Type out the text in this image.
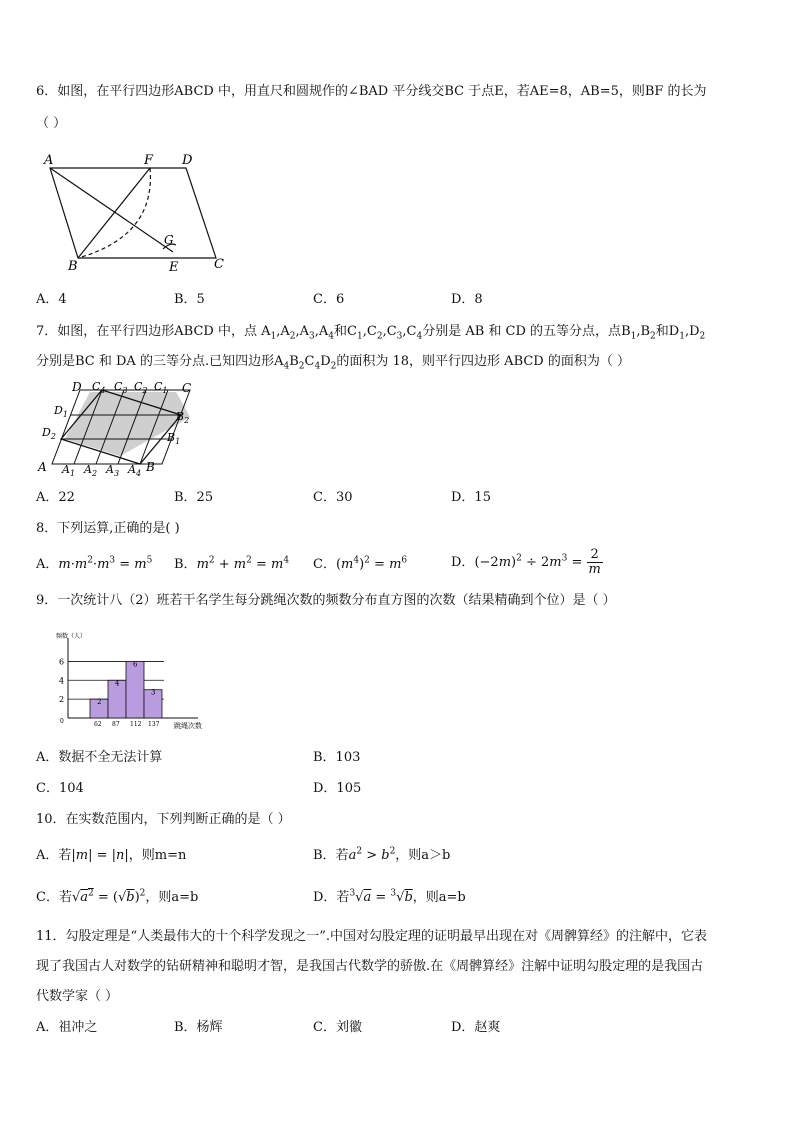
6．如图，在平行四边形ABCD 中，用直尺和圆规作的∠BAD 平分线交BC 于点E，若AE=8，AB=5，则BF 的长为
（ ）
A	F D
B	E	C
G
A．4	B．5	C．6	D．8
7．如图，在平行四边形ABCD 中，点 $A_1,A_2,A_3,A_4$和$C_1,C_2,C_3,C_4$分别是 AB 和 CD 的五等分点，点$B_1,B_2$和$D_1,D_2$
分别是BC 和 DA 的三等分点.已知四边形$A_4B_2C_4D_2$的面积为 18，则平行四边形 ABCD 的面积为（ ）
D $C_4$ $C_3$ $C_2$ $C_1$ C
$D_1$
$D_2$
$B_2$
$B_1$
A $A_1$ $A_2$ $A_3$ $A_4$ B
A．22	B．25	C．30	D．15
8．下列运算,正确的是( )
A．$m\cdot m^2\cdot m^3 = m^5$ B．$m^2 + m^2 = m^4$ C．$(m^4)^2 = m^6$	D．$(-2m)^2 \div 2m^3 = \frac{2}{m}$
9．一次统计八（2）班若干名学生每分跳绳次数的频数分布直方图的次数（结果精确到个位）是（ ）
2
4
6
频数（人）
0
2
62
4
87
6
112
3
137 跳绳次数
A．数据不全无法计算	B．103
C．104	D．105
10．在实数范围内，下列判断正确的是（ ）
A．若|m| = |n|，则m=n	B．若$a^2 > b^2$，则a＞b
C．若$√a^2 = (√b)^2$，则a=b	D．若$^3$√a = $^3$√b，则a=b
11．勾股定理是“人类最伟大的十个科学发现之一”.中国对勾股定理的证明最早出现在对《周髀算经》的注解中，它表
现了我国古人对数学的钻研精神和聪明才智，是我国古代数学的骄傲.在《周髀算经》注解中证明勾股定理的是我国古
代数学家（ ）
A．祖冲之	B．杨辉	C．刘徽	D．赵爽
